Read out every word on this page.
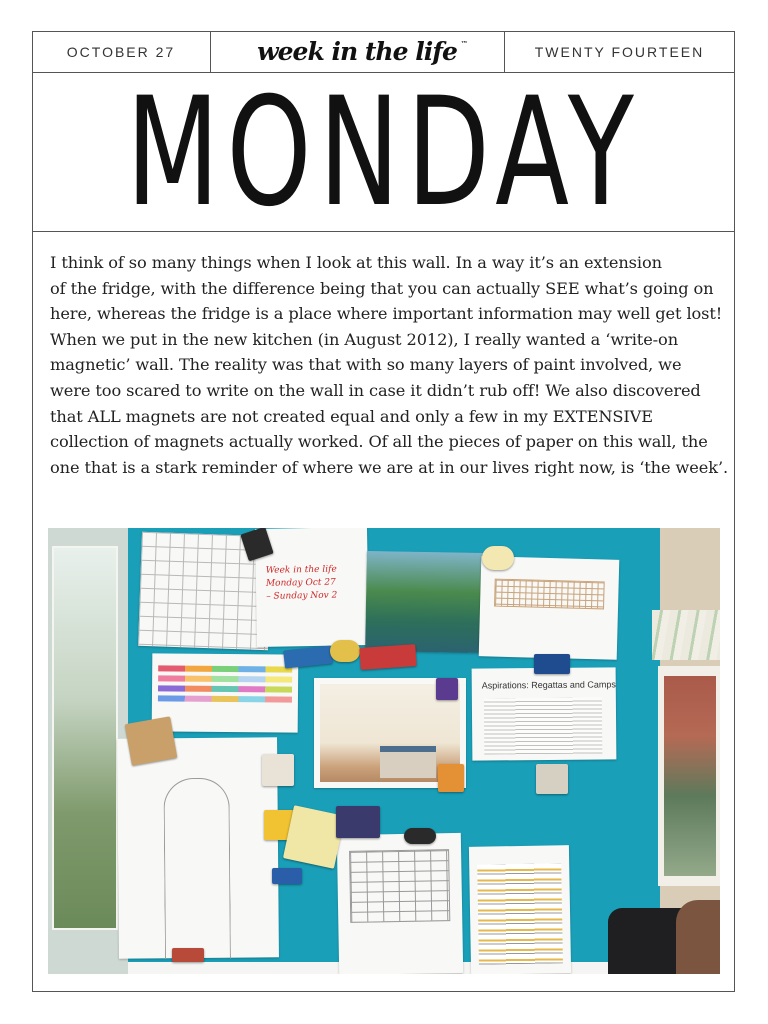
OCTOBER 27	week in the life ™	TWENTY FOURTEEN
MONDAY
I think of so many things when I look at this wall. In a way it’s an extension
of the fridge, with the difference being that you can actually SEE what’s going on
here, whereas the fridge is a place where important information may well get lost!
When we put in the new kitchen (in August 2012), I really wanted a ‘write-on
magnetic’ wall. The reality was that with so many layers of paint involved, we
were too scared to write on the wall in case it didn’t rub off! We also discovered
that ALL magnets are not created equal and only a few in my EXTENSIVE
collection of magnets actually worked. Of all the pieces of paper on this wall, the
one that is a stark reminder of where we are at in our lives right now, is ‘the week’.
Week in the life
Monday Oct 27
– Sunday Nov 2
Aspirations: Regattas and Camps
